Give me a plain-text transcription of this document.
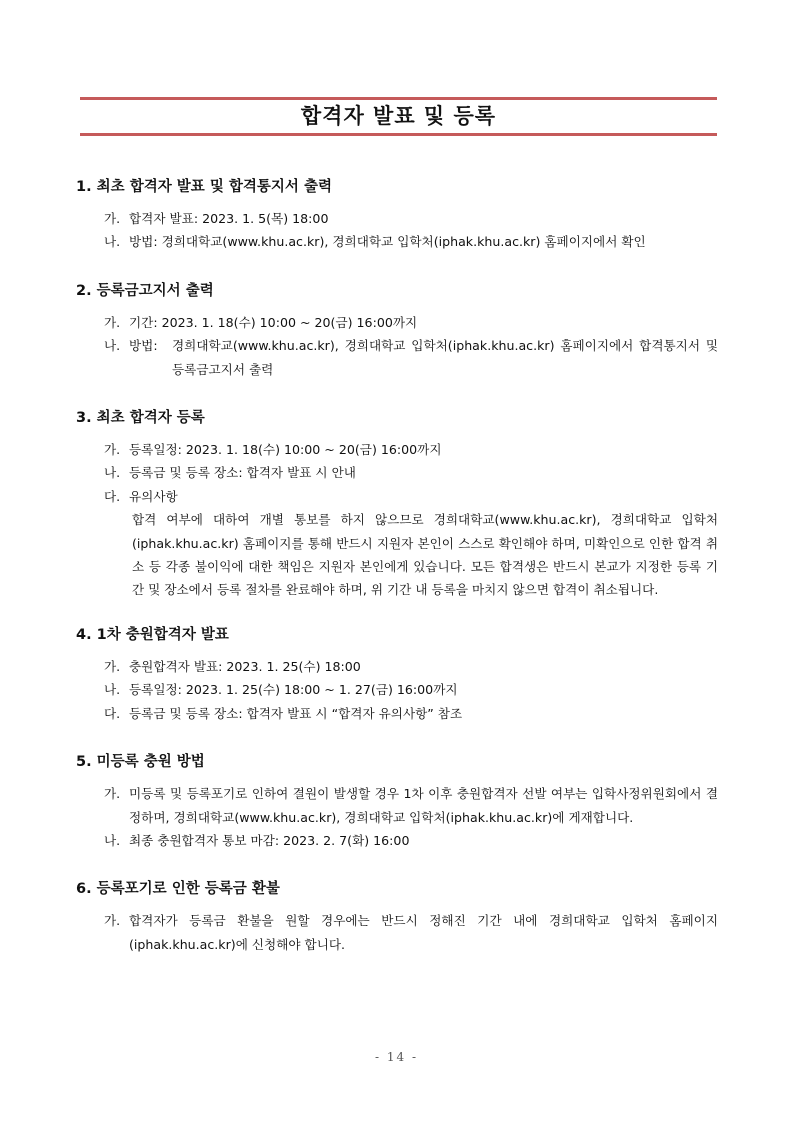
합격자 발표 및 등록
1. 최초 합격자 발표 및 합격통지서 출력
가. 합격자 발표: 2023. 1. 5(목) 18:00
나. 방법: 경희대학교(www.khu.ac.kr), 경희대학교 입학처(iphak.khu.ac.kr) 홈페이지에서 확인
2. 등록금고지서 출력
가. 기간: 2023. 1. 18(수) 10:00 ~ 20(금) 16:00까지
나. 방법: 경희대학교(www.khu.ac.kr), 경희대학교 입학처(iphak.khu.ac.kr) 홈페이지에서 합격통지서 및 등록금고지서 출력
3. 최초 합격자 등록
가. 등록일정: 2023. 1. 18(수) 10:00 ~ 20(금) 16:00까지
나. 등록금 및 등록 장소: 합격자 발표 시 안내
다. 유의사항
합격 여부에 대하여 개별 통보를 하지 않으므로 경희대학교(www.khu.ac.kr), 경희대학교 입학처 (iphak.khu.ac.kr) 홈페이지를 통해 반드시 지원자 본인이 스스로 확인해야 하며, 미확인으로 인한 합격 취소 등 각종 불이익에 대한 책임은 지원자 본인에게 있습니다. 모든 합격생은 반드시 본교가 지정한 등록 기간 및 장소에서 등록 절차를 완료해야 하며, 위 기간 내 등록을 마치지 않으면 합격이 취소됩니다.
4. 1차 충원합격자 발표
가. 충원합격자 발표: 2023. 1. 25(수) 18:00
나. 등록일정: 2023. 1. 25(수) 18:00 ~ 1. 27(금) 16:00까지
다. 등록금 및 등록 장소: 합격자 발표 시 “합격자 유의사항” 참조
5. 미등록 충원 방법
가. 미등록 및 등록포기로 인하여 결원이 발생할 경우 1차 이후 충원합격자 선발 여부는 입학사정위원회에서 결정하며, 경희대학교(www.khu.ac.kr), 경희대학교 입학처(iphak.khu.ac.kr)에 게재합니다.
나. 최종 충원합격자 통보 마감: 2023. 2. 7(화) 16:00
6. 등록포기로 인한 등록금 환불
가. 합격자가 등록금 환불을 원할 경우에는 반드시 정해진 기간 내에 경희대학교 입학처 홈페이지(iphak.khu.ac.kr)에 신청해야 합니다.
- 14 -
